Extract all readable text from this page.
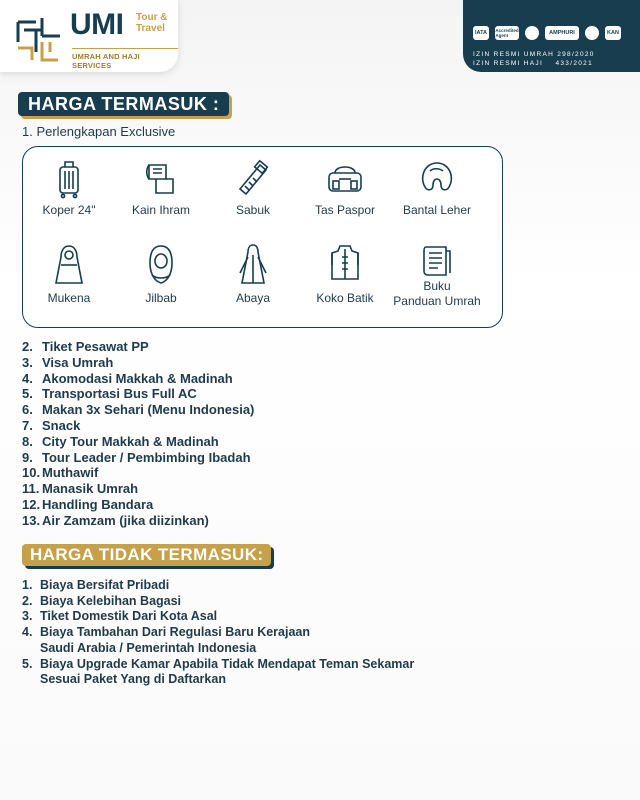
UMI Tour &
Travel
UMRAH AND HAJI SERVICES
IATA	Accredited Agent	AMPHURI	KAN
IZIN RESMI UMRAH 298/2020
IZIN RESMI HAJI    433/2021
HARGA TERMASUK :
1. Perlengkapan Exclusive
Koper 24"	Kain Ihram	Sabuk	Tas Paspor	Bantal Leher
Mukena	Jilbab	Abaya	Koko Batik
Buku
Panduan Umrah
2. Tiket Pesawat PP
3. Visa Umrah
4. Akomodasi Makkah & Madinah
5. Transportasi Bus Full AC
6. Makan 3x Sehari (Menu Indonesia)
7. Snack
8. City Tour Makkah & Madinah
9. Tour Leader / Pembimbing Ibadah
10. Muthawif
11. Manasik Umrah
12. Handling Bandara
13. Air Zamzam (jika diizinkan)
HARGA TIDAK TERMASUK:
1. Biaya Bersifat Pribadi
2. Biaya Kelebihan Bagasi
3. Tiket Domestik Dari Kota Asal
4. Biaya Tambahan Dari Regulasi Baru Kerajaan
Saudi Arabia / Pemerintah Indonesia
5. Biaya Upgrade Kamar Apabila Tidak Mendapat Teman Sekamar
Sesuai Paket Yang di Daftarkan
